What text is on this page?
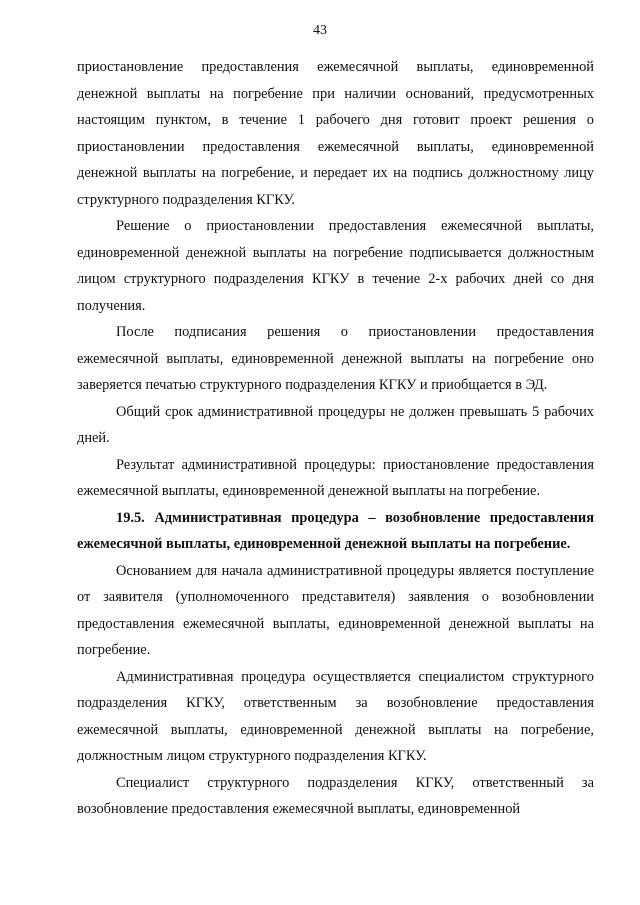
43

приостановление предоставления ежемесячной выплаты, единовременной денежной выплаты на погребение при наличии оснований, предусмотренных настоящим пунктом, в течение 1 рабочего дня готовит проект решения о приостановлении предоставления ежемесячной выплаты, единовременной денежной выплаты на погребение, и передает их на подпись должностному лицу структурного подразделения КГКУ.

Решение о приостановлении предоставления ежемесячной выплаты, единовременной денежной выплаты на погребение подписывается должностным лицом структурного подразделения КГКУ в течение 2-х рабочих дней со дня получения.

После подписания решения о приостановлении предоставления ежемесячной выплаты, единовременной денежной выплаты на погребение оно заверяется печатью структурного подразделения КГКУ и приобщается в ЭД.

Общий срок административной процедуры не должен превышать 5 рабочих дней.

Результат административной процедуры: приостановление предоставления ежемесячной выплаты, единовременной денежной выплаты на погребение.

19.5. Административная процедура – возобновление предоставления ежемесячной выплаты, единовременной денежной выплаты на погребение.

Основанием для начала административной процедуры является поступление от заявителя (уполномоченного представителя) заявления о возобновлении предоставления ежемесячной выплаты, единовременной денежной выплаты на погребение.

Административная процедура осуществляется специалистом структурного подразделения КГКУ, ответственным за возобновление предоставления ежемесячной выплаты, единовременной денежной выплаты на погребение, должностным лицом структурного подразделения КГКУ.

Специалист структурного подразделения КГКУ, ответственный за возобновление предоставления ежемесячной выплаты, единовременной
